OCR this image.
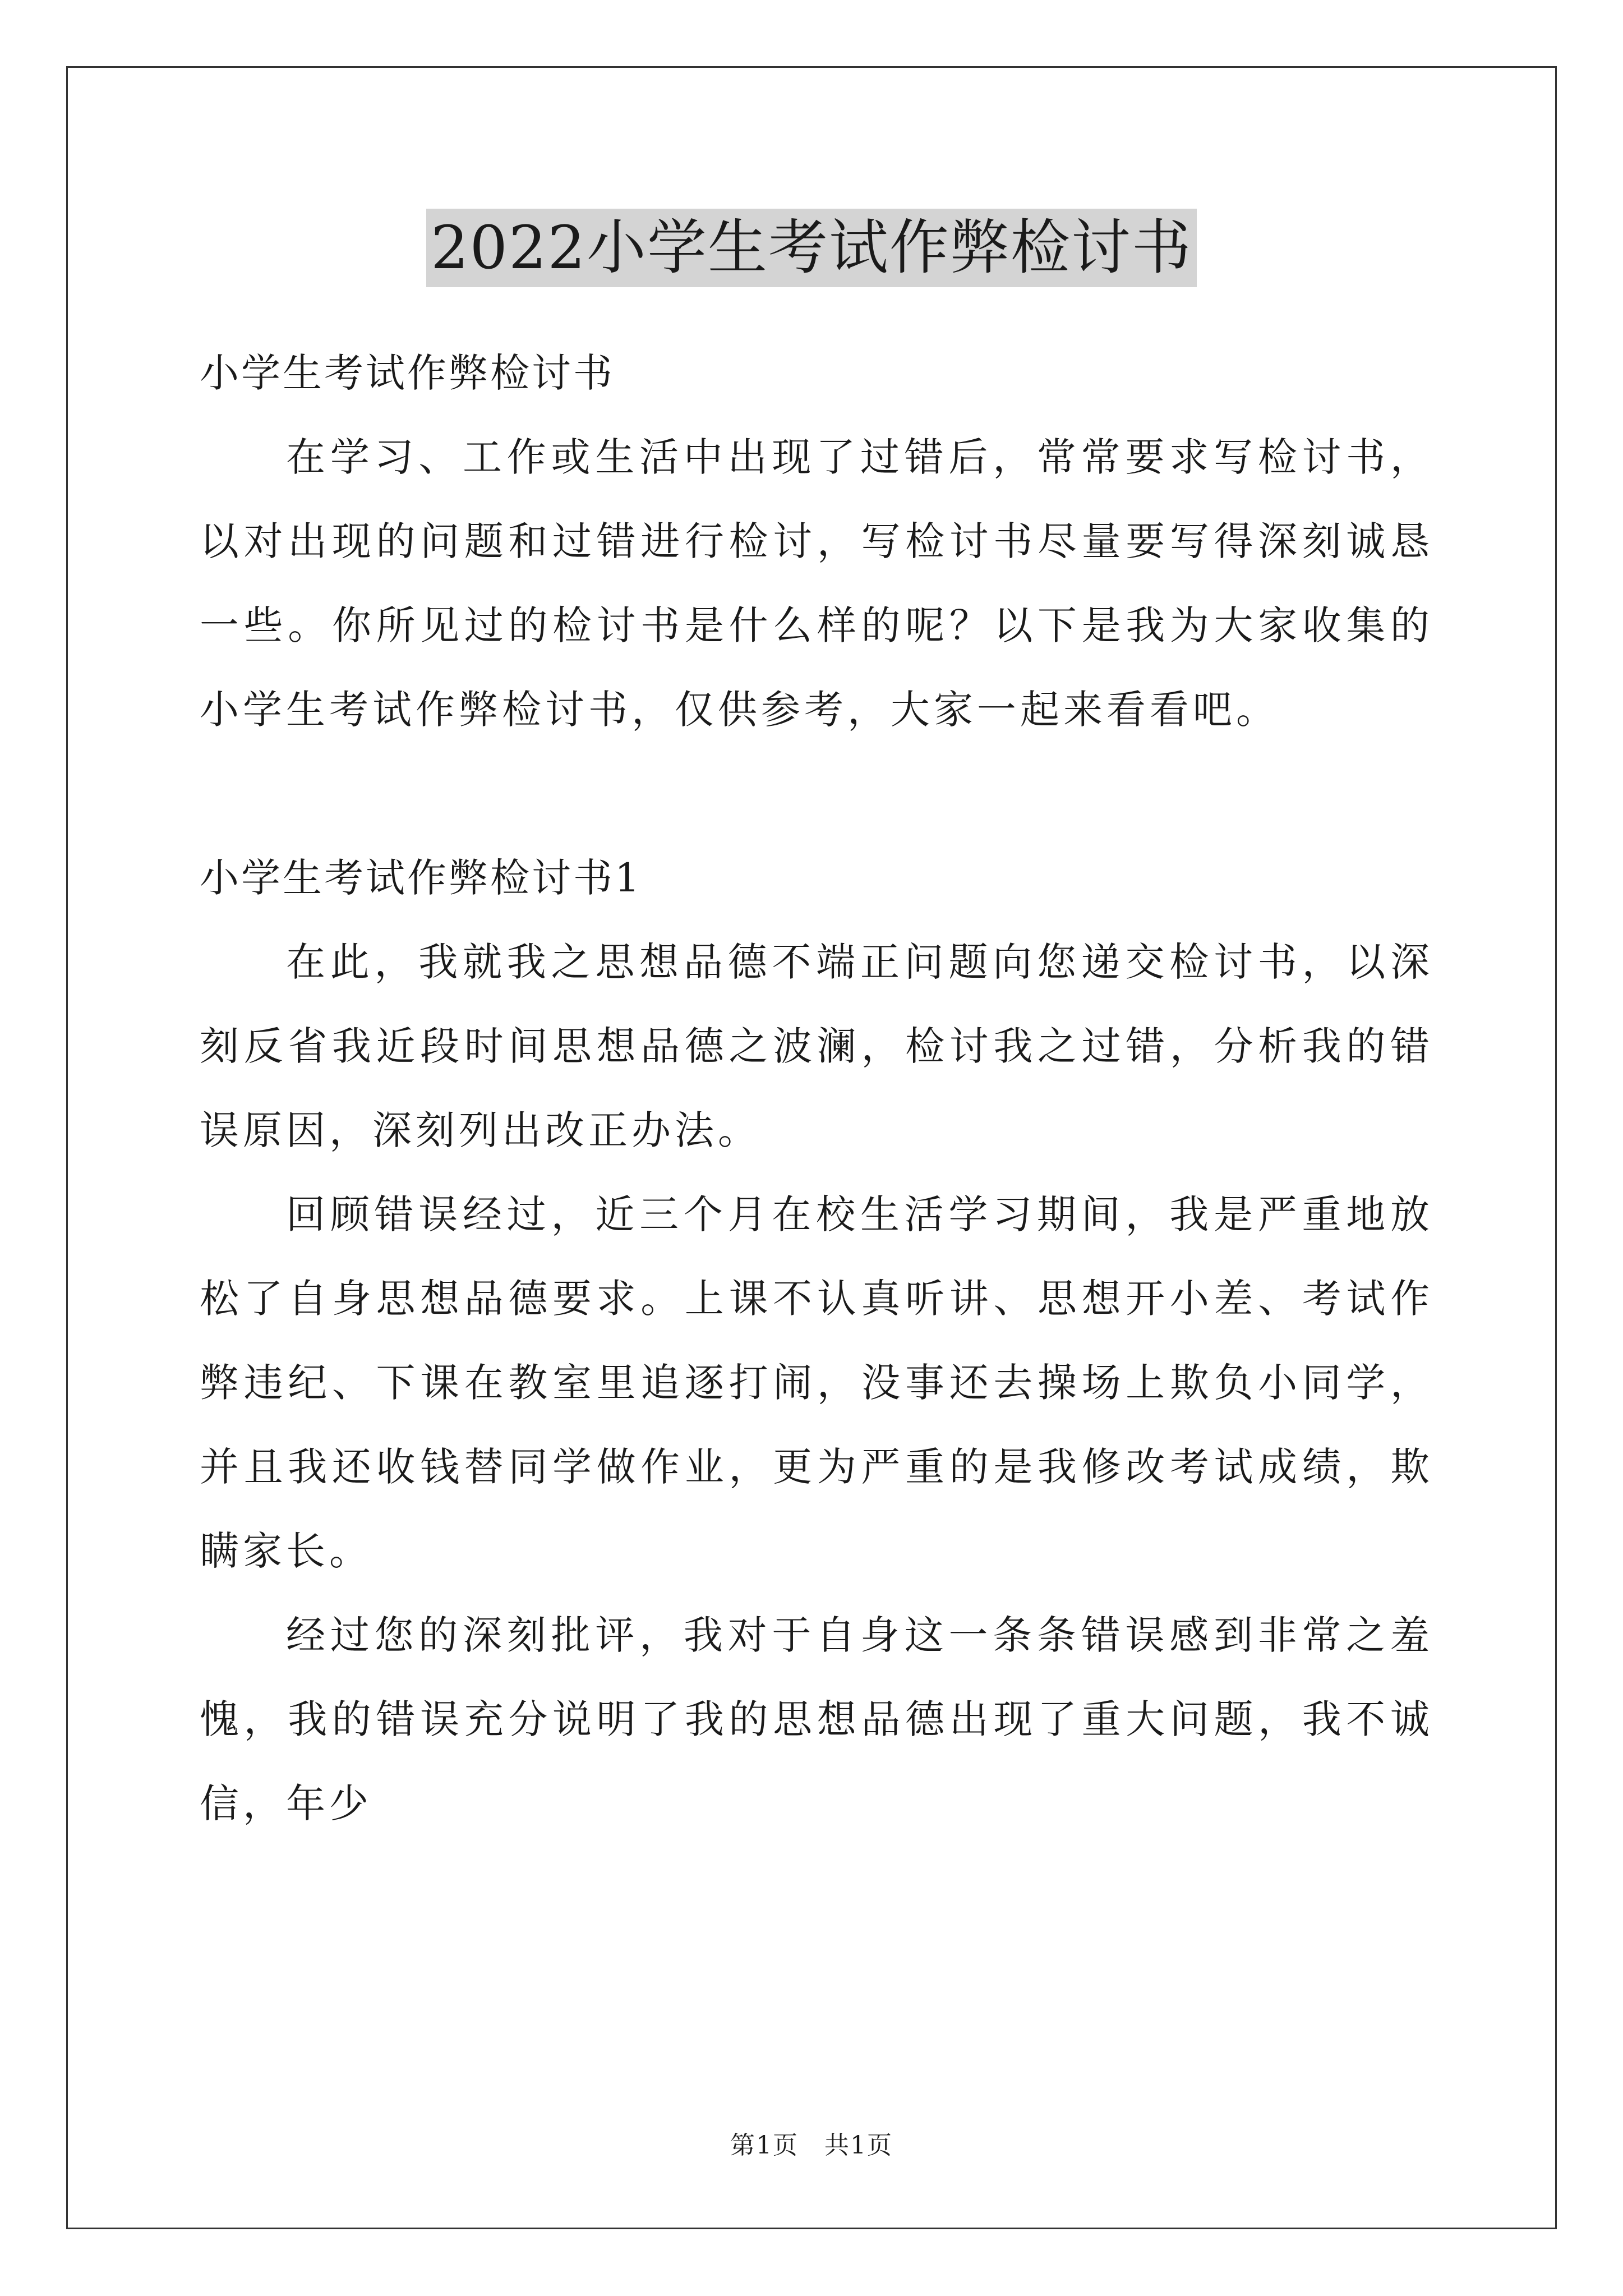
2022小学生考试作弊检讨书

小学生考试作弊检讨书

在学习、工作或生活中出现了过错后，常常要求写检讨书，以对出现的问题和过错进行检讨，写检讨书尽量要写得深刻诚恳一些。你所见过的检讨书是什么样的呢？以下是我为大家收集的小学生考试作弊检讨书，仅供参考，大家一起来看看吧。

小学生考试作弊检讨书1

在此，我就我之思想品德不端正问题向您递交检讨书，以深刻反省我近段时间思想品德之波澜，检讨我之过错，分析我的错误原因，深刻列出改正办法。

回顾错误经过，近三个月在校生活学习期间，我是严重地放松了自身思想品德要求。上课不认真听讲、思想开小差、考试作弊违纪、下课在教室里追逐打闹，没事还去操场上欺负小同学，并且我还收钱替同学做作业，更为严重的是我修改考试成绩，欺瞒家长。

经过您的深刻批评，我对于自身这一条条错误感到非常之羞愧，我的错误充分说明了我的思想品德出现了重大问题，我不诚信，年少

第1页　共1页
